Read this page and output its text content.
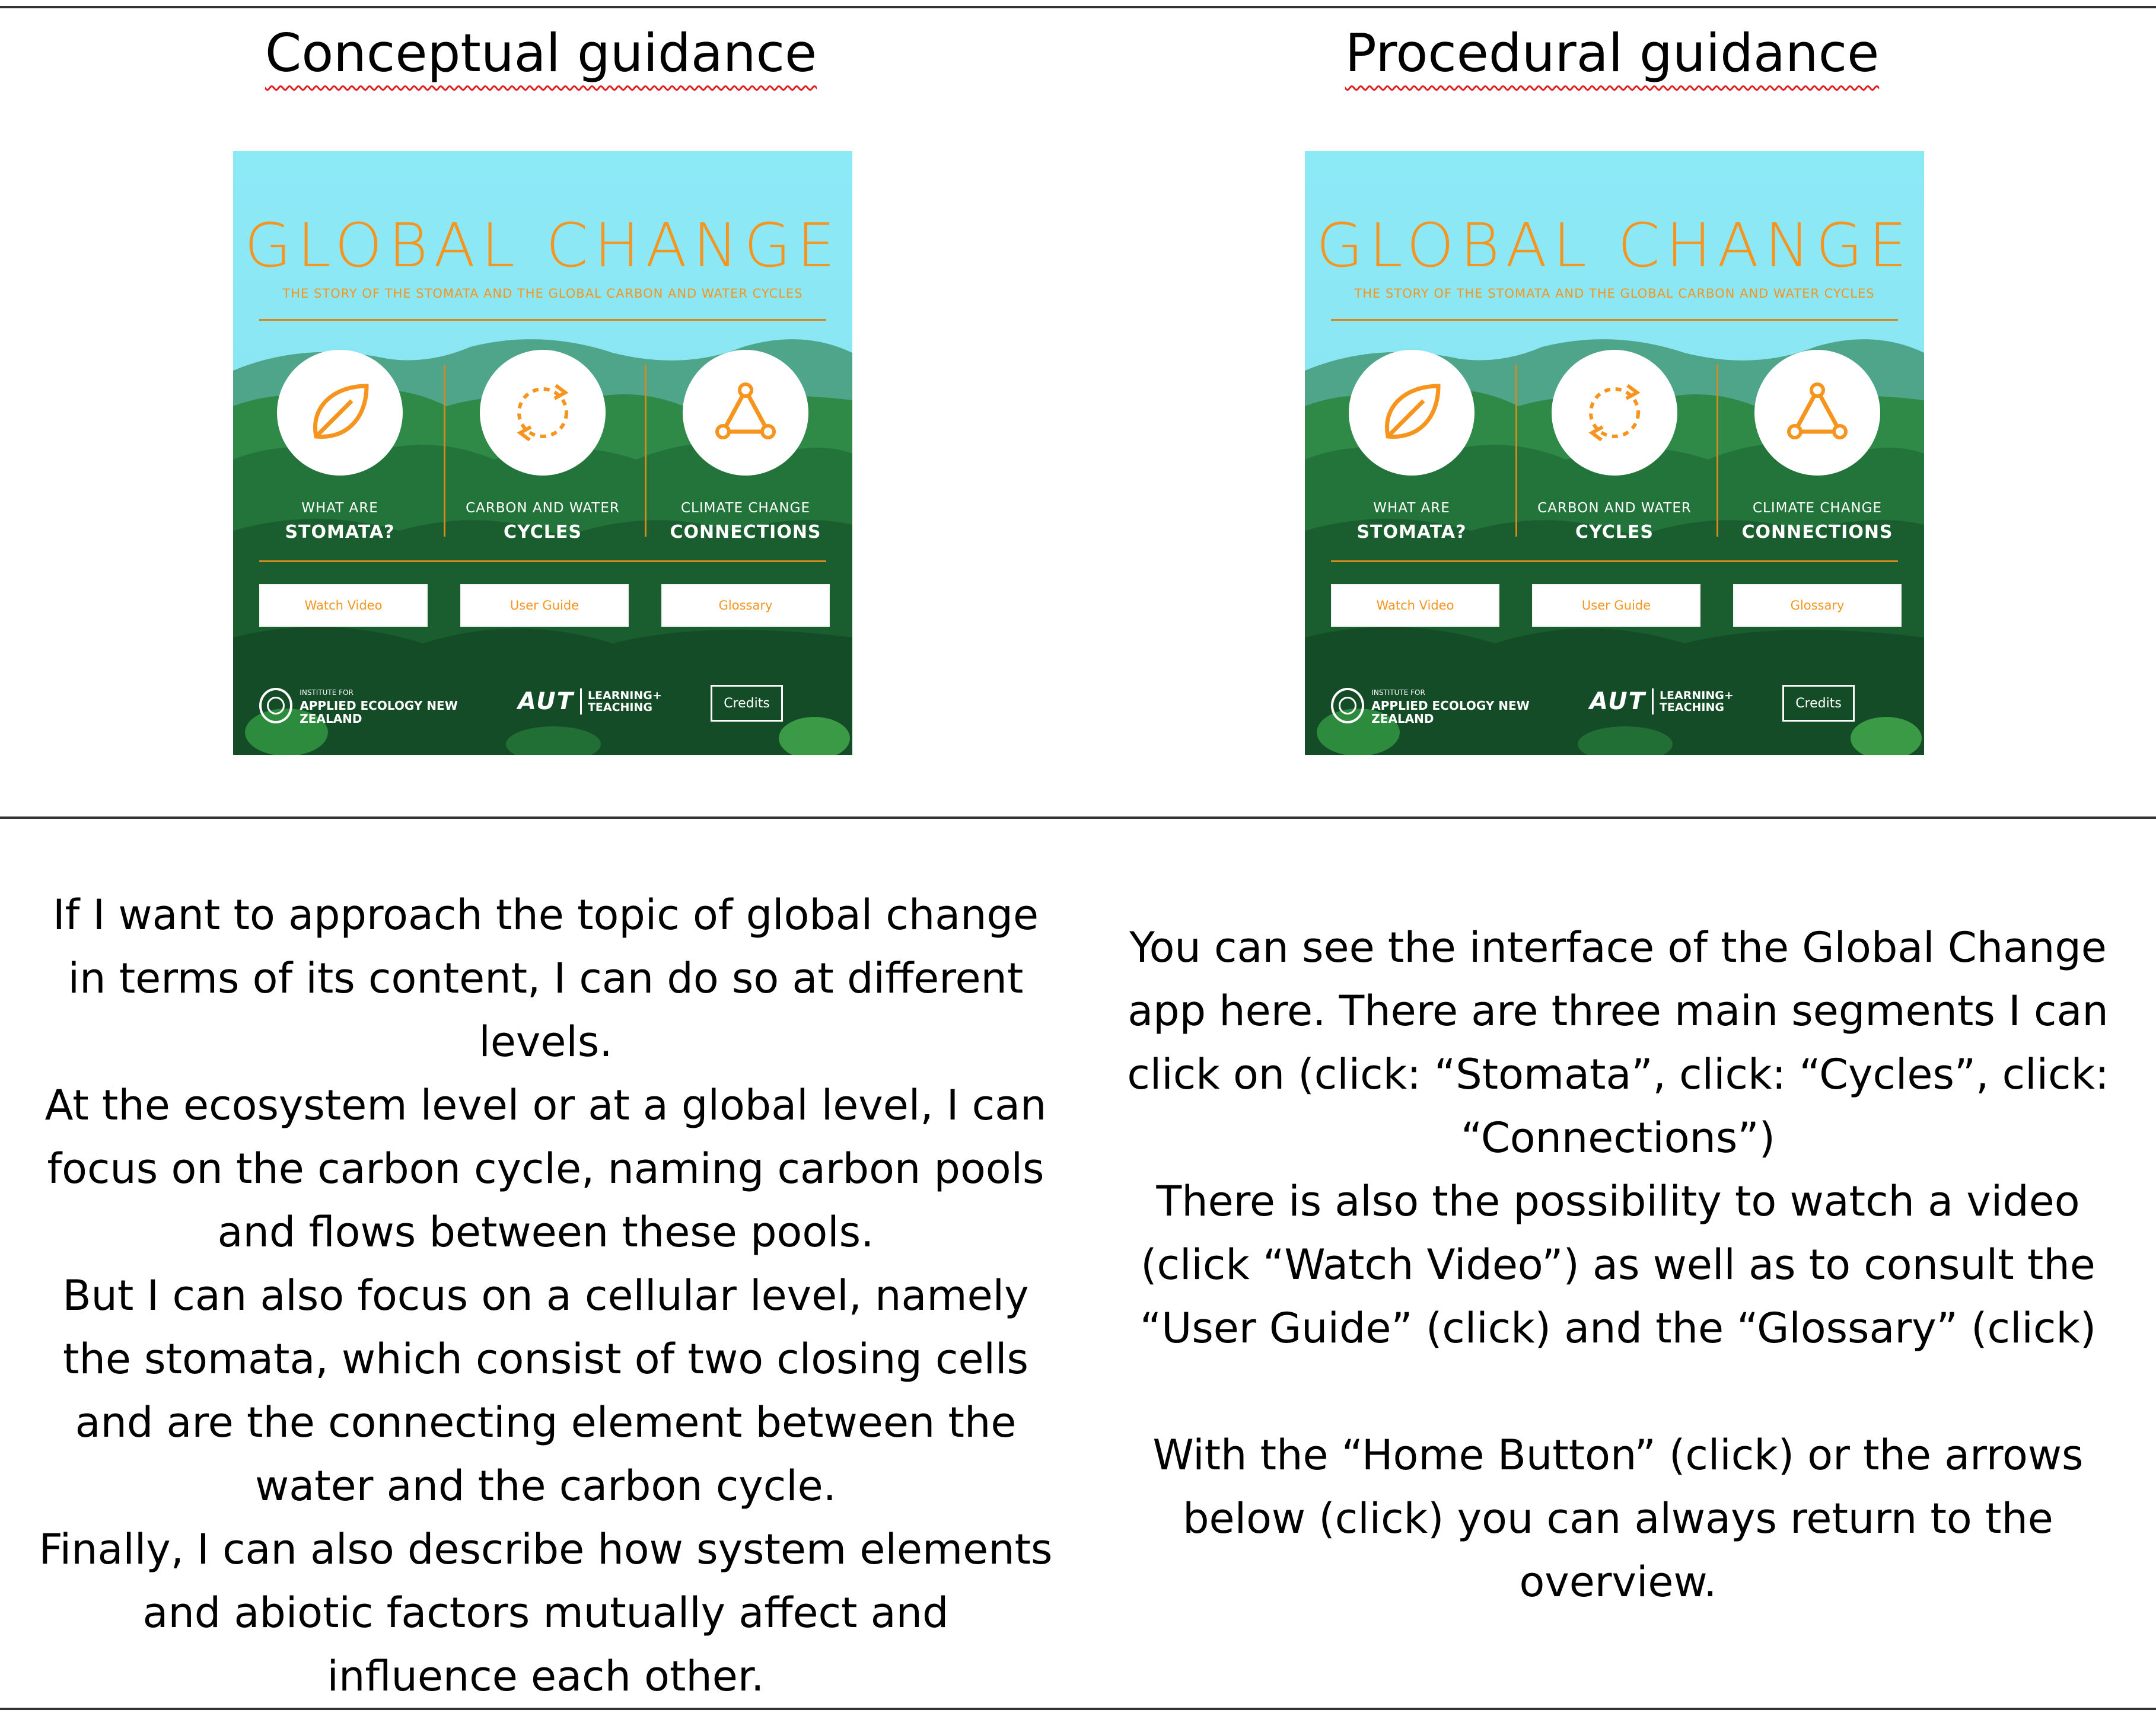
Conceptual guidance	Procedural guidance
GLOBAL CHANGE
THE STORY OF THE STOMATA AND THE GLOBAL CARBON AND WATER CYCLES
WHAT ARE
STOMATA?
CARBON AND WATER
CYCLES
CLIMATE CHANGE
CONNECTIONS
Watch Video	User Guide	Glossary
INSTITUTE FOR
APPLIED ECOLOGY NEW ZEALAND
AUT LEARNING+
TEACHING	Credits
GLOBAL CHANGE
THE STORY OF THE STOMATA AND THE GLOBAL CARBON AND WATER CYCLES
WHAT ARE
STOMATA?
CARBON AND WATER
CYCLES
CLIMATE CHANGE
CONNECTIONS
Watch Video	User Guide	Glossary
INSTITUTE FOR
APPLIED ECOLOGY NEW ZEALAND
AUT LEARNING+
TEACHING	Credits

If I want to approach the topic of global change

in terms of its content, I can do so at different

levels.

At the ecosystem level or at a global level, I can

focus on the carbon cycle, naming carbon pools

and flows between these pools.

But I can also focus on a cellular level, namely

the stomata, which consist of two closing cells

and are the connecting element between the

water and the carbon cycle.

Finally, I can also describe how system elements

and abiotic factors mutually affect and

influence each other.

You can see the interface of the Global Change

app here. There are three main segments I can

click on (click: “Stomata”, click: “Cycles”, click:

“Connections”)

There is also the possibility to watch a video

(click “Watch Video”) as well as to consult the

“User Guide” (click) and the “Glossary” (click)

With the “Home Button” (click) or the arrows

below (click) you can always return to the

overview.
